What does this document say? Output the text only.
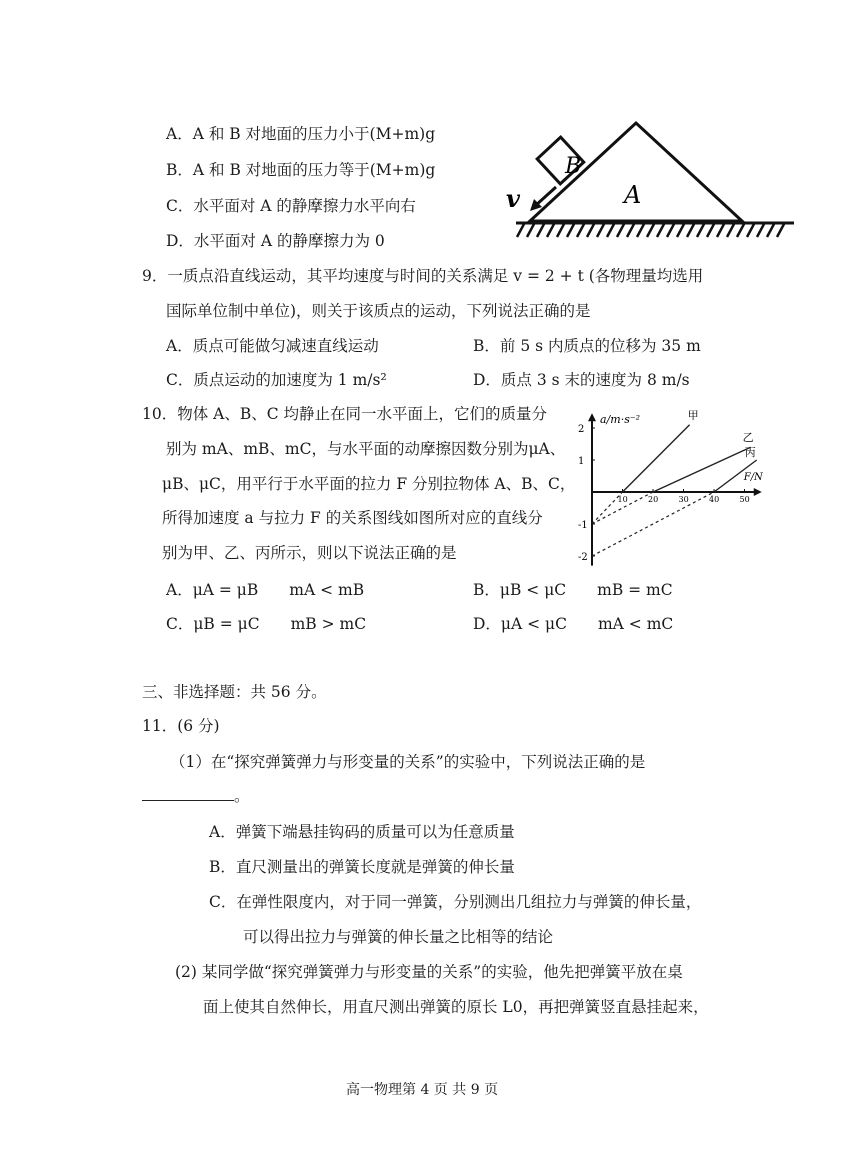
A．A 和 B 对地面的压力小于(M+m)g
B．A 和 B 对地面的压力等于(M+m)g
C．水平面对 A 的静摩擦力水平向右
D．水平面对 A 的静摩擦力为 0
B
A
v
9．一质点沿直线运动，其平均速度与时间的关系满足 v = 2 + t (各物理量均选用
国际单位制中单位)，则关于该质点的运动，下列说法正确的是
A．质点可能做匀减速直线运动	B．前 5 s 内质点的位移为 35 m
C．质点运动的加速度为 1 m/s²	D．质点 3 s 末的速度为 8 m/s
10．物体 A、B、C 均静止在同一水平面上，它们的质量分
别为 mA、mB、mC，与水平面的动摩擦因数分别为μA、
μB、μC，用平行于水平面的拉力 F 分别拉物体 A、B、C，
所得加速度 a 与拉力 F 的关系图线如图所对应的直线分
别为甲、乙、丙所示，则以下说法正确的是
a/m·s⁻²
F/N
10	20	30	40	50
2
1
-1
-2
甲
乙
丙
A．μA = μB　　mA < mB	B．μB < μC　　mB = mC
C．μB = μC　　mB > mC	D．μA < μC　　mA < mC
三、非选择题：共 56 分。
11．(6 分)
（1）在“探究弹簧弹力与形变量的关系”的实验中，下列说法正确的是
。
A．弹簧下端悬挂钩码的质量可以为任意质量
B．直尺测量出的弹簧长度就是弹簧的伸长量
C．在弹性限度内，对于同一弹簧，分别测出几组拉力与弹簧的伸长量，
可以得出拉力与弹簧的伸长量之比相等的结论
(2) 某同学做“探究弹簧弹力与形变量的关系”的实验，他先把弹簧平放在桌
面上使其自然伸长，用直尺测出弹簧的原长 L0，再把弹簧竖直悬挂起来，
高一物理第 4 页 共 9 页
